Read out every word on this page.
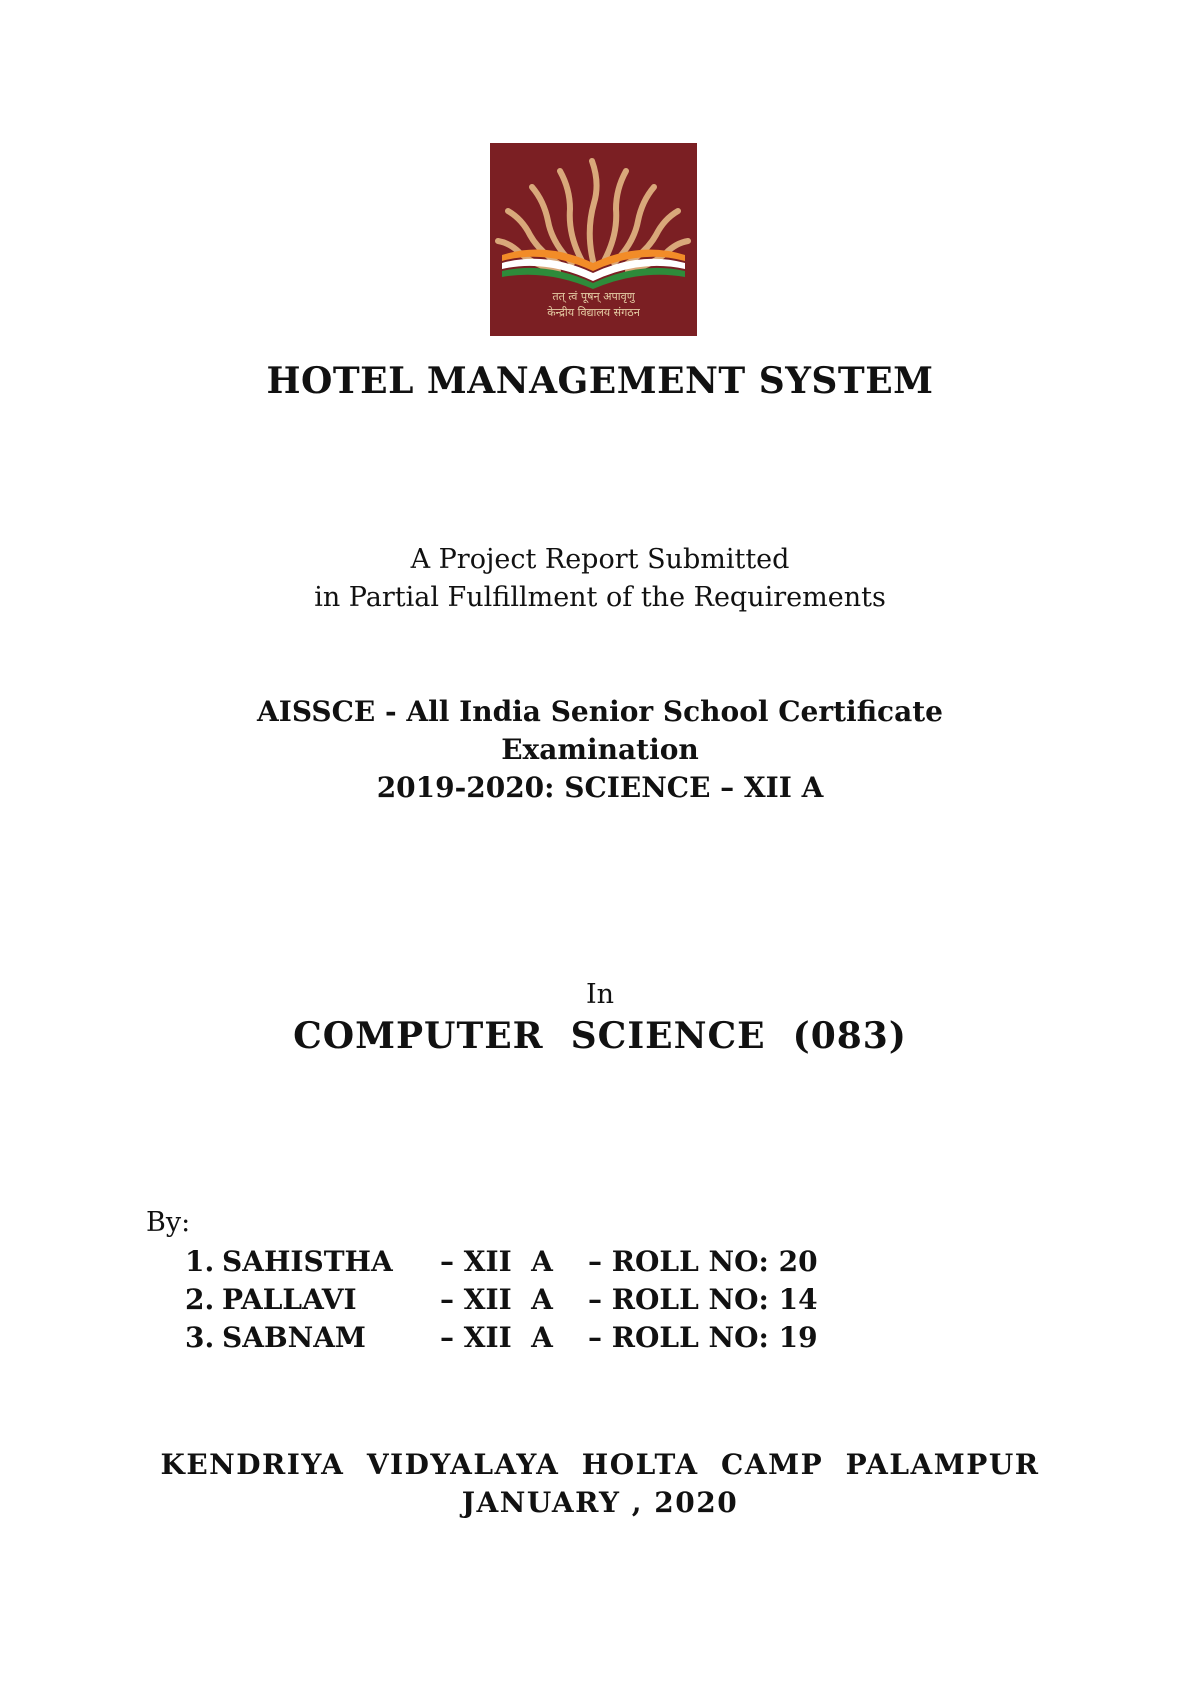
तत् त्वं पूषन् अपावृणु
केन्द्रीय विद्यालय संगठन
HOTEL MANAGEMENT SYSTEM
A Project Report Submitted
in Partial Fulfillment of the Requirements
AISSCE - All India Senior School Certificate
Examination
2019-2020: SCIENCE – XII A
In
COMPUTER  SCIENCE  (083)
By:
1. SAHISTHA – XII  A – ROLL NO: 20
2. PALLAVI	– XII  A – ROLL NO: 14
3. SABNAM	– XII  A – ROLL NO: 19
KENDRIYA  VIDYALAYA  HOLTA  CAMP  PALAMPUR
JANUARY , 2020
